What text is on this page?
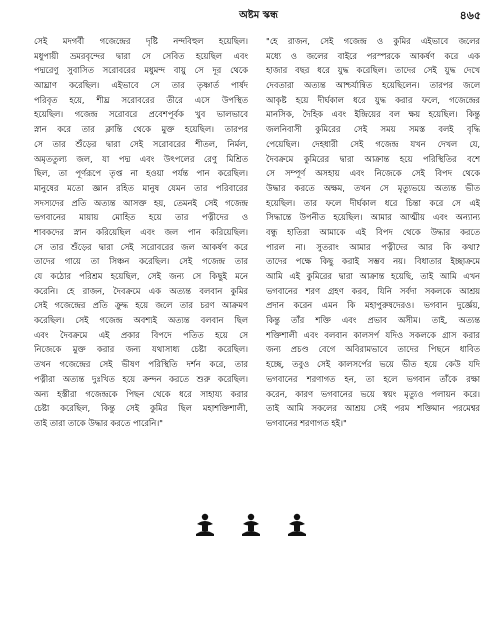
অষ্টম স্কন্ধ	৪৬৫
সেই মদগর্বী গজেন্দ্রের দৃষ্টি নন্দবিহুল হয়েছিল।
মধুপায়ী ভ্রমরবৃন্দের দ্বারা সে সেবিত হয়েছিল এবং
পদ্মরেণু সুবাসিত সরোবরের মধুমন্দ বায়ু সে দূর থেকে
আঘ্রাণ করেছিল। এইভাবে সে তার তৃষ্ণার্ত পার্ষদ
পরিবৃত হয়ে, শীঘ্র সরোবরের তীরে এসে উপস্থিত
হয়েছিল। গজেন্দ্র সরোবরে প্রবেশপূর্বক খুব ভালভাবে
স্নান করে তার ক্লান্তি থেকে মুক্ত হয়েছিল। তারপর
সে তার শুঁড়ের দ্বারা সেই সরোবরের শীতল, নির্মল,
অমৃততুল্য জল, যা পদ্ম এবং উৎপলের রেণু মিশ্রিত
ছিল, তা পূর্ণরূপে তৃপ্ত না হওয়া পর্যন্ত পান করেছিল।
মানুষের মতো জ্ঞান রহিত মানুষ যেমন তার পরিবারের
সদস্যদের প্রতি অত্যন্ত আসক্ত হয়, তেমনই সেই গজেন্দ্র
ভগবানের মায়ায় মোহিত হয়ে তার পত্নীদের ও
শাবকদের স্নান করিয়েছিল এবং জল পান করিয়েছিল।
সে তার শুঁড়ের দ্বারা সেই সরোবরের জল আকর্ষণ করে
তাদের গায়ে তা সিঞ্চন করেছিল। সেই গজেন্দ্র তার
যে কঠোর পরিশ্রম হয়েছিল, সেই জন্য সে কিছুই মনে
করেনি। হে রাজন, দৈবক্রমে এক অত্যন্ত বলবান কুমির
সেই গজেন্দ্রের প্রতি ক্রুদ্ধ হয়ে জলে তার চরণ আক্রমণ
করেছিল। সেই গজেন্দ্র অবশ্যই অত্যন্ত বলবান ছিল
এবং দৈবক্রমে এই প্রকার বিপদে পতিত হয়ে সে
নিজেকে মুক্ত করার জন্য যথাসাধ্য চেষ্টা করেছিল।
তখন গজেন্দ্রের সেই ভীষণ পরিস্থিতি দর্শন করে, তার
পত্নীরা অত্যন্ত দুঃখিত হয়ে ক্রন্দন করতে শুরু করেছিল।
অন্য হস্তীরা গজেন্দ্রকে পিছন থেকে ধরে সাহায্য করার
চেষ্টা করেছিল, কিন্তু সেই কুমির ছিল মহাশক্তিশালী,
তাই তারা তাকে উদ্ধার করতে পারেনি।"
"হে রাজন, সেই গজেন্দ্র ও কুমির এইভাবে জলের
মধ্যে ও জলের বাইরে পরস্পরকে আকর্ষণ করে এক
হাজার বছর ধরে যুদ্ধ করেছিল। তাদের সেই যুদ্ধ দেখে
দেবতারা অত্যন্ত আশ্চর্যান্বিত হয়েছিলেন। তারপর জলে
আকৃষ্ট হয়ে দীর্ঘকাল ধরে যুদ্ধ করার ফলে, গজেন্দ্রের
মানসিক, দৈহিক এবং ইন্দ্রিয়ের বল ক্ষয় হয়েছিল। কিন্তু
জলনিবাসী কুমিরের সেই সময় সমস্ত বলই বৃদ্ধি
পেয়েছিল। দেহধারী সেই গজেন্দ্র যখন দেখল যে,
দৈবক্রমে কুমিরের দ্বারা আক্রান্ত হয়ে পরিস্থিতির বশে
সে সম্পূর্ণ অসহায় এবং নিজেকে সেই বিপদ থেকে
উদ্ধার করতে অক্ষম, তখন সে মৃত্যুভয়ে অত্যন্ত ভীত
হয়েছিল। তার ফলে দীর্ঘকাল ধরে চিন্তা করে সে এই
সিদ্ধান্তে উপনীত হয়েছিল। আমার আত্মীয় এবং অন্যান্য
বন্ধু হাতিরা আমাকে এই বিপদ থেকে উদ্ধার করতে
পারল না। সুতরাং আমার পত্নীদের আর কি কথা?
তাদের পক্ষে কিছু করাই সম্ভব নয়। বিধাতার ইচ্ছাক্রমে
আমি এই কুমিরের দ্বারা আক্রান্ত হয়েছি, তাই আমি এখন
ভগবানের শরণ গ্রহণ করব, যিনি সর্বদা সকলকে আশ্রয়
প্রদান করেন এমন কি মহাপুরুষদেরও। ভগবান দুর্জ্ঞেয়,
কিন্তু তাঁর শক্তি এবং প্রভাব অসীম। তাই, অত্যন্ত
শক্তিশালী এবং বলবান কালসর্প যদিও সকলকে গ্রাস করার
জন্য প্রচণ্ড বেগে অবিরামভাবে তাদের পিছনে ধাবিত
হচ্ছে, তবুও সেই কালসর্পের ভয়ে ভীত হয়ে কেউ যদি
ভগবানের শরণাগত হন, তা হলে ভগবান তাঁকে রক্ষা
করেন, কারণ ভগবানের ভয়ে স্বয়ং মৃত্যুও পলায়ন করে।
তাই আমি সকলের আশ্রয় সেই পরম শক্তিমান পরমেশ্বর
ভগবানের শরণাগত হই।"
